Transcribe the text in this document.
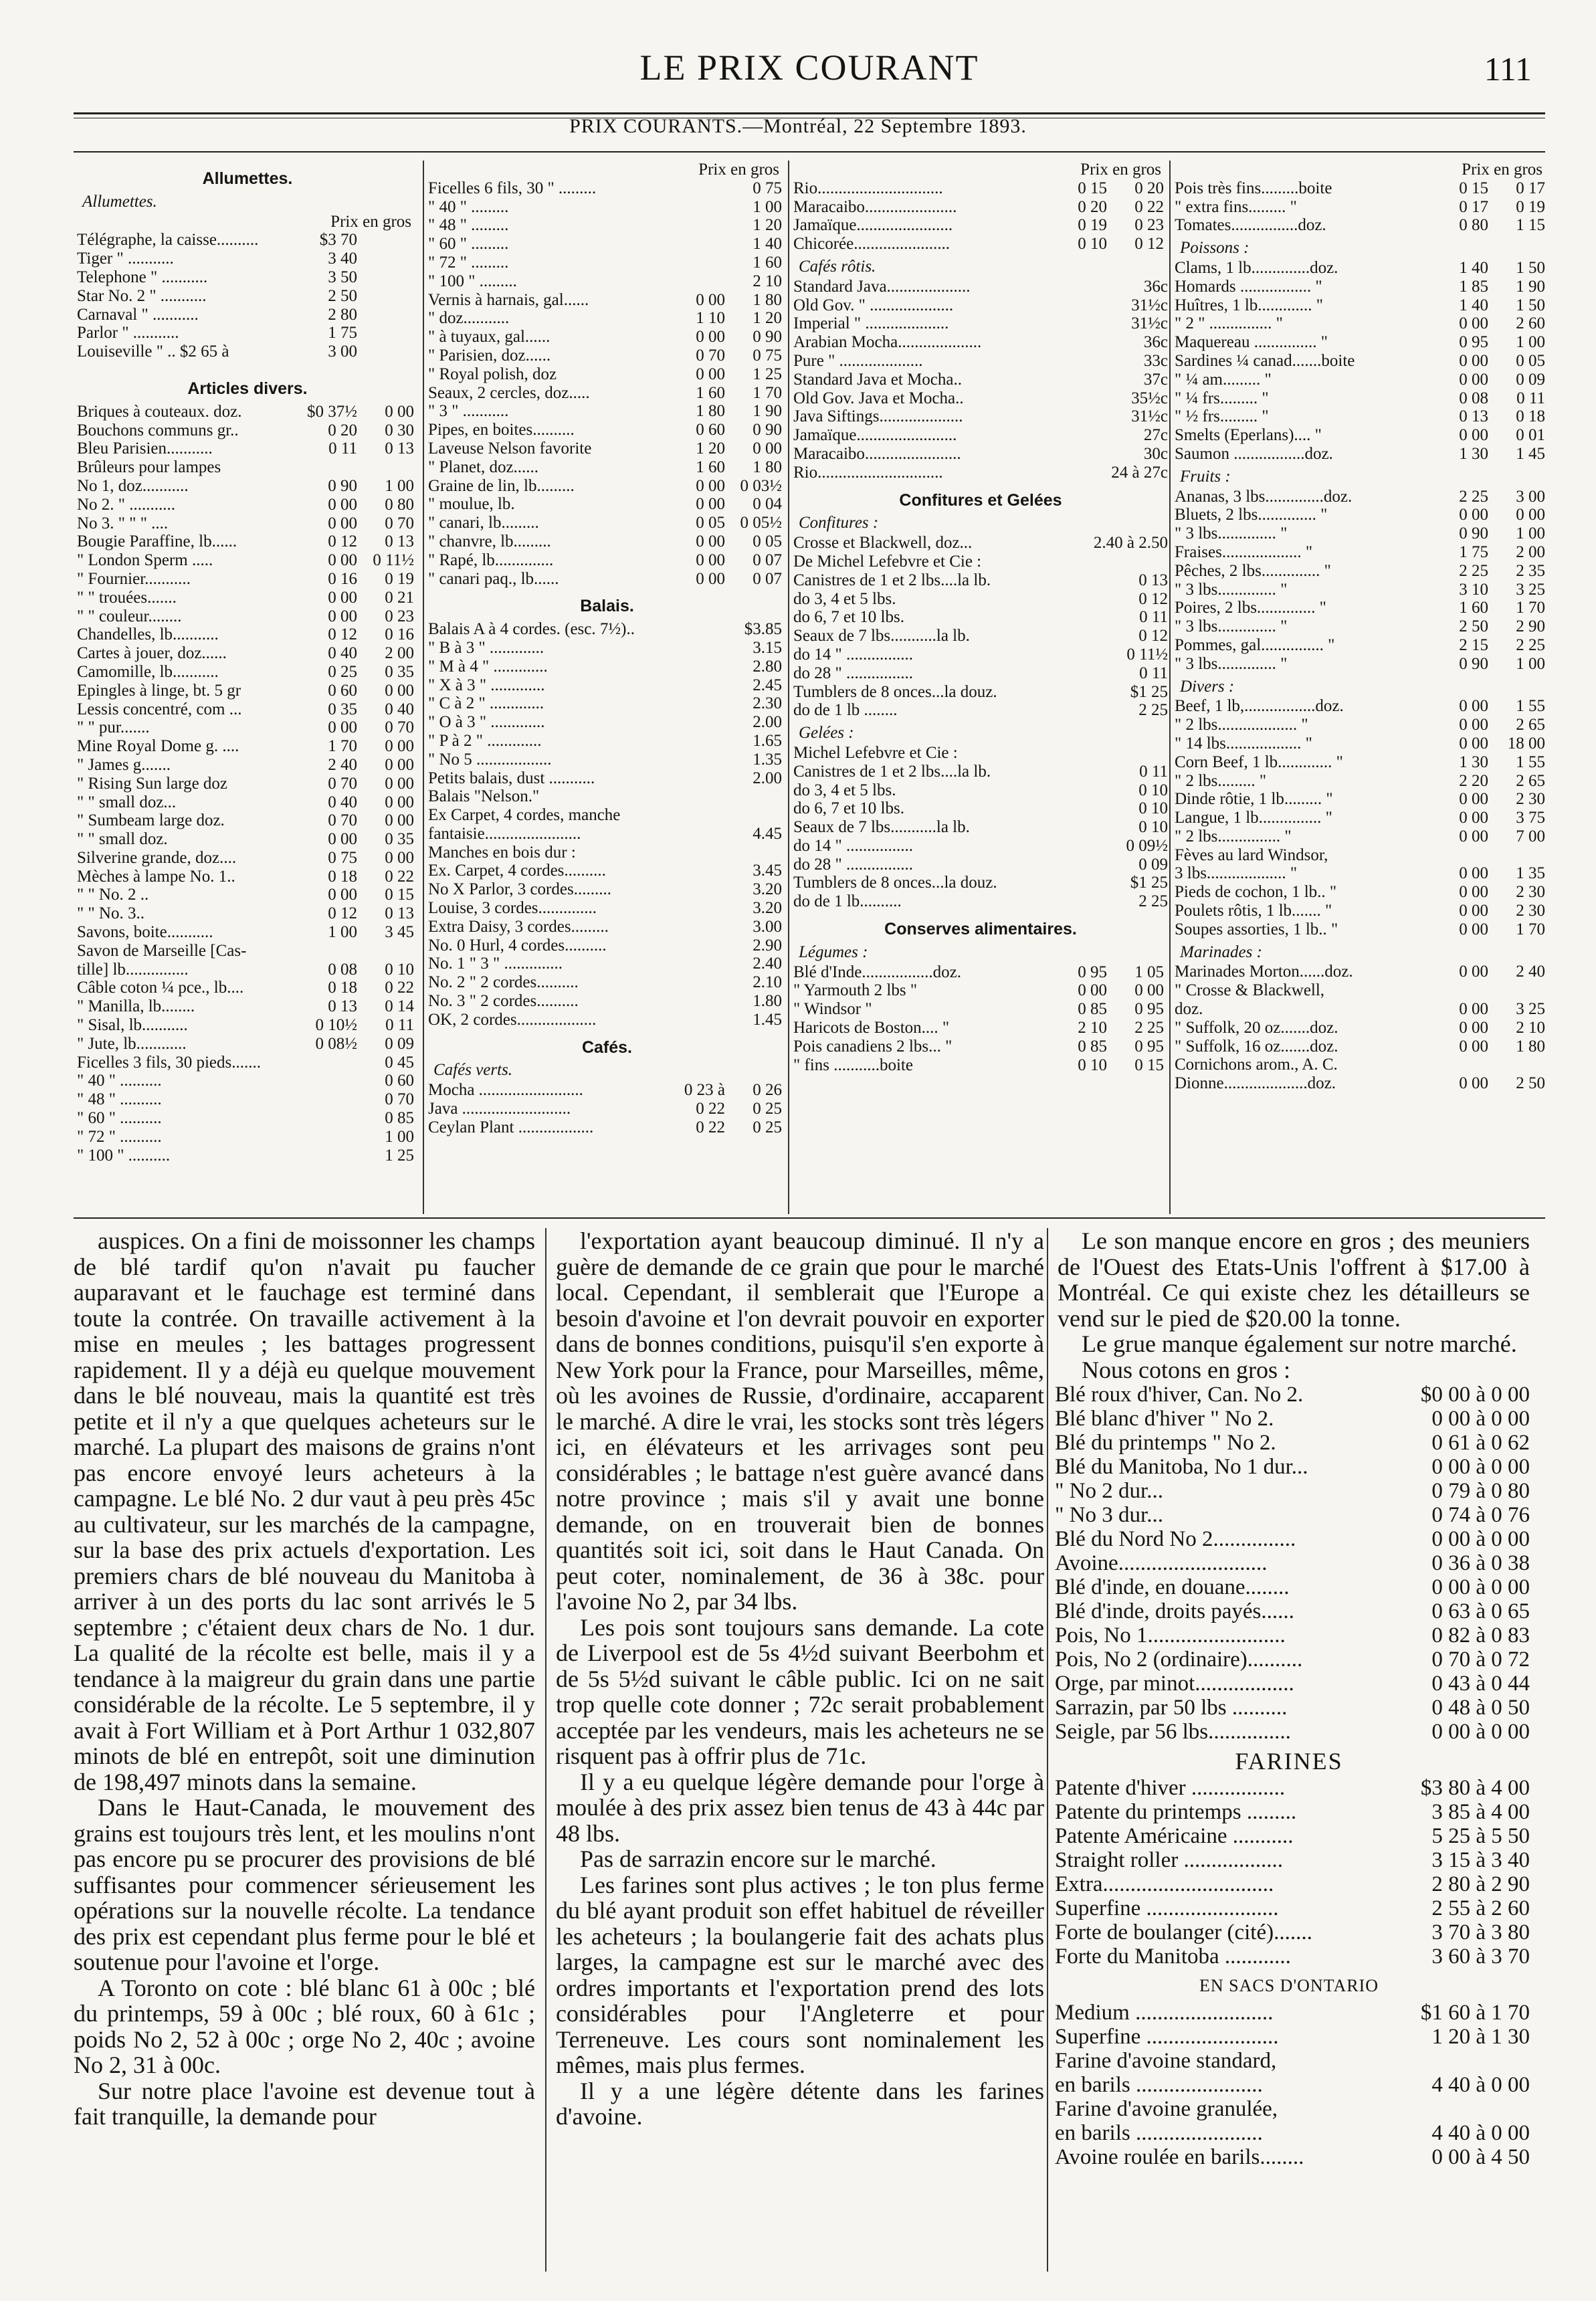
LE PRIX COURANT	111
PRIX COURANTS.—Montréal, 22 Septembre 1893.
Allumettes.
Allumettes.
Prix en gros
Télégraphe, la caisse..........	$3 70
Tiger " ...........	3 40
Telephone " ...........	3 50
Star No. 2 " ...........	2 50
Carnaval " ...........	2 80
Parlor " ...........	1 75
Louiseville " .. $2 65 à	3 00
Articles divers.
Briques à couteaux. doz.	$0 37½	0 00
Bouchons communs gr..	0 20	0 30
Bleu Parisien...........	0 11	0 13
Brûleurs pour lampes
No 1, doz...........	0 90	1 00
No 2. " ...........	0 00	0 80
No 3. " " " ....	0 00	0 70
Bougie Paraffine, lb......	0 12	0 13
" London Sperm .....	0 00 0 11½
" Fournier...........	0 16	0 19
" " trouées.......	0 00	0 21
" " couleur........	0 00	0 23
Chandelles, lb...........	0 12	0 16
Cartes à jouer, doz......	0 40	2 00
Camomille, lb...........	0 25	0 35
Epingles à linge, bt. 5 gr	0 60	0 00
Lessis concentré, com ...	0 35	0 40
" " pur.......	0 00	0 70
Mine Royal Dome g. ....	1 70	0 00
" James g.......	2 40	0 00
" Rising Sun large doz	0 70	0 00
" " small doz...	0 40	0 00
" Sumbeam large doz.	0 70	0 00
" " small doz.	0 00	0 35
Silverine grande, doz....	0 75	0 00
Mèches à lampe No. 1..	0 18	0 22
" " No. 2 ..	0 00	0 15
" " No. 3..	0 12	0 13
Savons, boite...........	1 00	3 45
Savon de Marseille [Cas-
tille] lb...............	0 08	0 10
Câble coton ¼ pce., lb....	0 18	0 22
" Manilla, lb........	0 13	0 14
" Sisal, lb...........	0 10½	0 11
" Jute, lb............	0 08½	0 09
Ficelles 3 fils, 30 pieds.......	0 45
" 40 " ..........	0 60
" 48 " ..........	0 70
" 60 " ..........	0 85
" 72 " ..........	1 00
" 100 " ..........	1 25
Prix en gros
Ficelles 6 fils, 30 " .........	0 75
" 40 " .........	1 00
" 48 " .........	1 20
" 60 " .........	1 40
" 72 " .........	1 60
" 100 " .........	2 10
Vernis à harnais, gal......	0 00	1 80
" doz...........	1 10	1 20
" à tuyaux, gal......	0 00	0 90
" Parisien, doz......	0 70	0 75
" Royal polish, doz	0 00	1 25
Seaux, 2 cercles, doz.....	1 60	1 70
" 3 " ...........	1 80	1 90
Pipes, en boites..........	0 60	0 90
Laveuse Nelson favorite	1 20	0 00
" Planet, doz......	1 60	1 80
Graine de lin, lb.........	0 00 0 03½
" moulue, lb.	0 00	0 04
" canari, lb.........	0 05 0 05½
" chanvre, lb.........	0 00	0 05
" Rapé, lb..............	0 00	0 07
" canari paq., lb......	0 00	0 07
Balais.
Balais A à 4 cordes. (esc. 7½)..	$3.85
" B à 3 " .............	3.15
" M à 4 " .............	2.80
" X à 3 " .............	2.45
" C à 2 " .............	2.30
" O à 3 " .............	2.00
" P à 2 " .............	1.65
" No 5 ..................	1.35
Petits balais, dust ...........	2.00
Balais "Nelson."
Ex Carpet, 4 cordes, manche
fantaisie.......................	4.45
Manches en bois dur :
Ex. Carpet, 4 cordes..........	3.45
No X Parlor, 3 cordes.........	3.20
Louise, 3 cordes..............	3.20
Extra Daisy, 3 cordes.........	3.00
No. 0 Hurl, 4 cordes..........	2.90
No. 1 " 3 " ..............	2.40
No. 2 " 2 cordes..........	2.10
No. 3 " 2 cordes..........	1.80
OK, 2 cordes...................	1.45
Cafés.
Cafés verts.
Mocha .........................	0 23 à	0 26
Java ..........................	0 22	0 25
Ceylan Plant ..................	0 22	0 25
Prix en gros
Rio..............................	0 15	0 20
Maracaibo......................	0 20	0 22
Jamaïque.......................	0 19	0 23
Chicorée.......................	0 10	0 12
Cafés rôtis.
Standard Java....................	36c
Old Gov. " ....................	31½c
Imperial " ....................	31½c
Arabian Mocha....................	36c
Pure " ....................	33c
Standard Java et Mocha..	37c
Old Gov. Java et Mocha..	35½c
Java Siftings....................	31½c
Jamaïque........................	27c
Maracaibo.......................	30c
Rio..............................	24 à 27c
Confitures et Gelées
Confitures :
Crosse et Blackwell, doz...	2.40 à 2.50
De Michel Lefebvre et Cie :
Canistres de 1 et 2 lbs....la lb.	0 13
do 3, 4 et 5 lbs.	0 12
do 6, 7 et 10 lbs.	0 11
Seaux de 7 lbs...........la lb.	0 12
do 14 " ................	0 11½
do 28 " ................	0 11
Tumblers de 8 onces...la douz.	$1 25
do de 1 lb ........	2 25
Gelées :
Michel Lefebvre et Cie :
Canistres de 1 et 2 lbs....la lb.	0 11
do 3, 4 et 5 lbs.	0 10
do 6, 7 et 10 lbs.	0 10
Seaux de 7 lbs...........la lb.	0 10
do 14 " ................	0 09½
do 28 " ................	0 09
Tumblers de 8 onces...la douz.	$1 25
do de 1 lb..........	2 25
Conserves alimentaires.
Légumes :
Blé d'Inde.................doz.	0 95	1 05
" Yarmouth 2 lbs "	0 00	0 00
" Windsor "	0 85	0 95
Haricots de Boston.... "	2 10	2 25
Pois canadiens 2 lbs... "	0 85	0 95
" fins ...........boite	0 10	0 15
Prix en gros
Pois très fins.........boite	0 15	0 17
" extra fins......... "	0 17	0 19
Tomates................doz.	0 80	1 15
Poissons :
Clams, 1 lb..............doz.	1 40	1 50
Homards ................. "	1 85	1 90
Huîtres, 1 lb............. "	1 40	1 50
" 2 " ............... "	0 00	2 60
Maquereau ............... "	0 95	1 00
Sardines ¼ canad.......boite	0 00	0 05
" ¼ am......... "	0 00	0 09
" ¼ frs......... "	0 08	0 11
" ½ frs......... "	0 13	0 18
Smelts (Eperlans).... "	0 00	0 01
Saumon .................doz.	1 30	1 45
Fruits :
Ananas, 3 lbs..............doz.	2 25	3 00
Bluets, 2 lbs.............. "	0 00	0 00
" 3 lbs.............. "	0 90	1 00
Fraises................... "	1 75	2 00
Pêches, 2 lbs.............. "	2 25	2 35
" 3 lbs.............. "	3 10	3 25
Poires, 2 lbs.............. "	1 60	1 70
" 3 lbs.............. "	2 50	2 90
Pommes, gal............... "	2 15	2 25
" 3 lbs.............. "	0 90	1 00
Divers :
Beef, 1 lb,.................doz.	0 00	1 55
" 2 lbs................... "	0 00	2 65
" 14 lbs.................. "	0 00	18 00
Corn Beef, 1 lb............. "	1 30	1 55
" 2 lbs......... "	2 20	2 65
Dinde rôtie, 1 lb......... "	0 00	2 30
Langue, 1 lb............... "	0 00	3 75
" 2 lbs............... "	0 00	7 00
Fèves au lard Windsor,
3 lbs................... "	0 00	1 35
Pieds de cochon, 1 lb.. "	0 00	2 30
Poulets rôtis, 1 lb....... "	0 00	2 30
Soupes assorties, 1 lb.. "	0 00	1 70
Marinades :
Marinades Morton......doz.	0 00	2 40
" Crosse & Blackwell,
doz.	0 00	3 25
" Suffolk, 20 oz.......doz.	0 00	2 10
" Suffolk, 16 oz.......doz.	0 00	1 80
Cornichons arom., A. C.
Dionne....................doz.	0 00	2 50

auspices. On a fini de moissonner les champs de blé tardif qu'on n'avait pu faucher auparavant et le fauchage est terminé dans toute la contrée. On travaille activement à la mise en meules ; les battages progressent rapidement. Il y a déjà eu quelque mouvement dans le blé nouveau, mais la quantité est très petite et il n'y a que quelques acheteurs sur le marché. La plupart des maisons de grains n'ont pas encore envoyé leurs acheteurs à la campagne. Le blé No. 2 dur vaut à peu près 45c au cultivateur, sur les marchés de la campagne, sur la base des prix actuels d'exportation. Les premiers chars de blé nouveau du Manitoba à arriver à un des ports du lac sont arrivés le 5 septembre ; c'étaient deux chars de No. 1 dur. La qualité de la récolte est belle, mais il y a tendance à la maigreur du grain dans une partie considérable de la récolte. Le 5 septembre, il y avait à Fort William et à Port Arthur 1 032,807 minots de blé en entrepôt, soit une diminution de 198,497 minots dans la semaine.

Dans le Haut-Canada, le mouvement des grains est toujours très lent, et les moulins n'ont pas encore pu se procurer des provisions de blé suffisantes pour commencer sérieusement les opérations sur la nouvelle récolte. La tendance des prix est cependant plus ferme pour le blé et soutenue pour l'avoine et l'orge.

A Toronto on cote : blé blanc 61 à 00c ; blé du printemps, 59 à 00c ; blé roux, 60 à 61c ; poids No 2, 52 à 00c ; orge No 2, 40c ; avoine No 2, 31 à 00c.

Sur notre place l'avoine est devenue tout à fait tranquille, la demande pour

l'exportation ayant beaucoup diminué. Il n'y a guère de demande de ce grain que pour le marché local. Cependant, il semblerait que l'Europe a besoin d'avoine et l'on devrait pouvoir en exporter dans de bonnes conditions, puisqu'il s'en exporte à New York pour la France, pour Marseilles, même, où les avoines de Russie, d'ordinaire, accaparent le marché. A dire le vrai, les stocks sont très légers ici, en élévateurs et les arrivages sont peu considérables ; le battage n'est guère avancé dans notre province ; mais s'il y avait une bonne demande, on en trouverait bien de bonnes quantités soit ici, soit dans le Haut Canada. On peut coter, nominalement, de 36 à 38c. pour l'avoine No 2, par 34 lbs.

Les pois sont toujours sans demande. La cote de Liverpool est de 5s 4½d suivant Beerbohm et de 5s 5½d suivant le câble public. Ici on ne sait trop quelle cote donner ; 72c serait probablement acceptée par les vendeurs, mais les acheteurs ne se risquent pas à offrir plus de 71c.

Il y a eu quelque légère demande pour l'orge à moulée à des prix assez bien tenus de 43 à 44c par 48 lbs.

Pas de sarrazin encore sur le marché.

Les farines sont plus actives ; le ton plus ferme du blé ayant produit son effet habituel de réveiller les acheteurs ; la boulangerie fait des achats plus larges, la campagne est sur le marché avec des ordres importants et l'exportation prend des lots considérables pour l'Angleterre et pour Terreneuve. Les cours sont nominalement les mêmes, mais plus fermes.

Il y a une légère détente dans les farines d'avoine.

Le son manque encore en gros ; des meuniers de l'Ouest des Etats-Unis l'offrent à $17.00 à Montréal. Ce qui existe chez les détailleurs se vend sur le pied de $20.00 la tonne.
Le grue manque également sur notre marché.
Nous cotons en gros :
Blé roux d'hiver, Can. No 2.	$0 00 à 0 00
Blé blanc d'hiver " No 2.	0 00 à 0 00
Blé du printemps " No 2.	0 61 à 0 62
Blé du Manitoba, No 1 dur...	0 00 à 0 00
" No 2 dur...	0 79 à 0 80
" No 3 dur...	0 74 à 0 76
Blé du Nord No 2...............	0 00 à 0 00
Avoine...........................	0 36 à 0 38
Blé d'inde, en douane........	0 00 à 0 00
Blé d'inde, droits payés......	0 63 à 0 65
Pois, No 1.........................	0 82 à 0 83
Pois, No 2 (ordinaire)..........	0 70 à 0 72
Orge, par minot..................	0 43 à 0 44
Sarrazin, par 50 lbs ..........	0 48 à 0 50
Seigle, par 56 lbs...............	0 00 à 0 00
FARINES
Patente d'hiver .................	$3 80 à 4 00
Patente du printemps .........	3 85 à 4 00
Patente Américaine ...........	5 25 à 5 50
Straight roller ..................	3 15 à 3 40
Extra...............................	2 80 à 2 90
Superfine ........................	2 55 à 2 60
Forte de boulanger (cité).......	3 70 à 3 80
Forte du Manitoba ............	3 60 à 3 70
EN SACS D'ONTARIO
Medium .........................	$1 60 à 1 70
Superfine ........................	1 20 à 1 30
Farine d'avoine standard,
en barils .......................	4 40 à 0 00
Farine d'avoine granulée,
en barils .......................	4 40 à 0 00
Avoine roulée en barils........	0 00 à 4 50
